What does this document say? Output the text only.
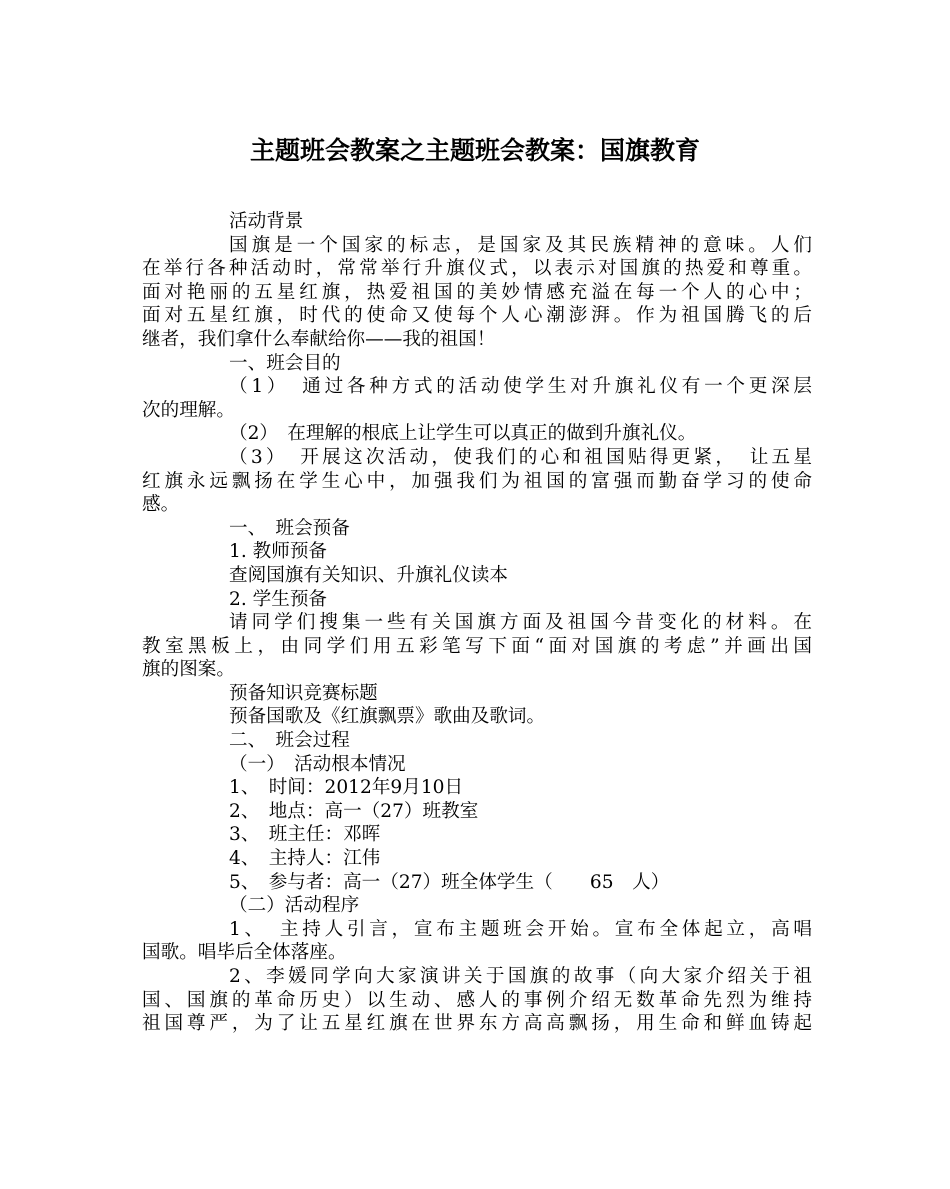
主题班会教案之主题班会教案：国旗教育
活动背景
国旗是一个国家的标志，是国家及其民族精神的意味。人们
在举行各种活动时，常常举行升旗仪式，以表示对国旗的热爱和尊重。
面对艳丽的五星红旗，热爱祖国的美妙情感充溢在每一个人的心中；
面对五星红旗，时代的使命又使每个人心潮澎湃。作为祖国腾飞的后
继者，我们拿什么奉献给你——我的祖国！
一、班会目的
（1）　通过各种方式的活动使学生对升旗礼仪有一个更深层
次的理解。
（2）　在理解的根底上让学生可以真正的做到升旗礼仪。
（3）　开展这次活动，使我们的心和祖国贴得更紧，　让五星
红旗永远飘扬在学生心中，加强我们为祖国的富强而勤奋学习的使命
感。
一、　班会预备
1. 教师预备
查阅国旗有关知识、升旗礼仪读本
2. 学生预备
请同学们搜集一些有关国旗方面及祖国今昔变化的材料。在
教室黑板上，由同学们用五彩笔写下面“面对国旗的考虑”并画出国
旗的图案。
预备知识竞赛标题
预备国歌及《红旗飘票》歌曲及歌词。
二、　班会过程
（一）　活动根本情况
1、　时间：2012年9月10日
2、　地点：高一（27）班教室
3、　班主任：邓晖
4、　主持人：江伟
5、　参与者：高一（27）班全体学生（　　65　人）
（二）活动程序
1、　主持人引言，宣布主题班会开始。宣布全体起立，高唱
国歌。唱毕后全体落座。
2、李媛同学向大家演讲关于国旗的故事（向大家介绍关于祖
国、国旗的革命历史）以生动、感人的事例介绍无数革命先烈为维持
祖国尊严，为了让五星红旗在世界东方高高飘扬，用生命和鲜血铸起
